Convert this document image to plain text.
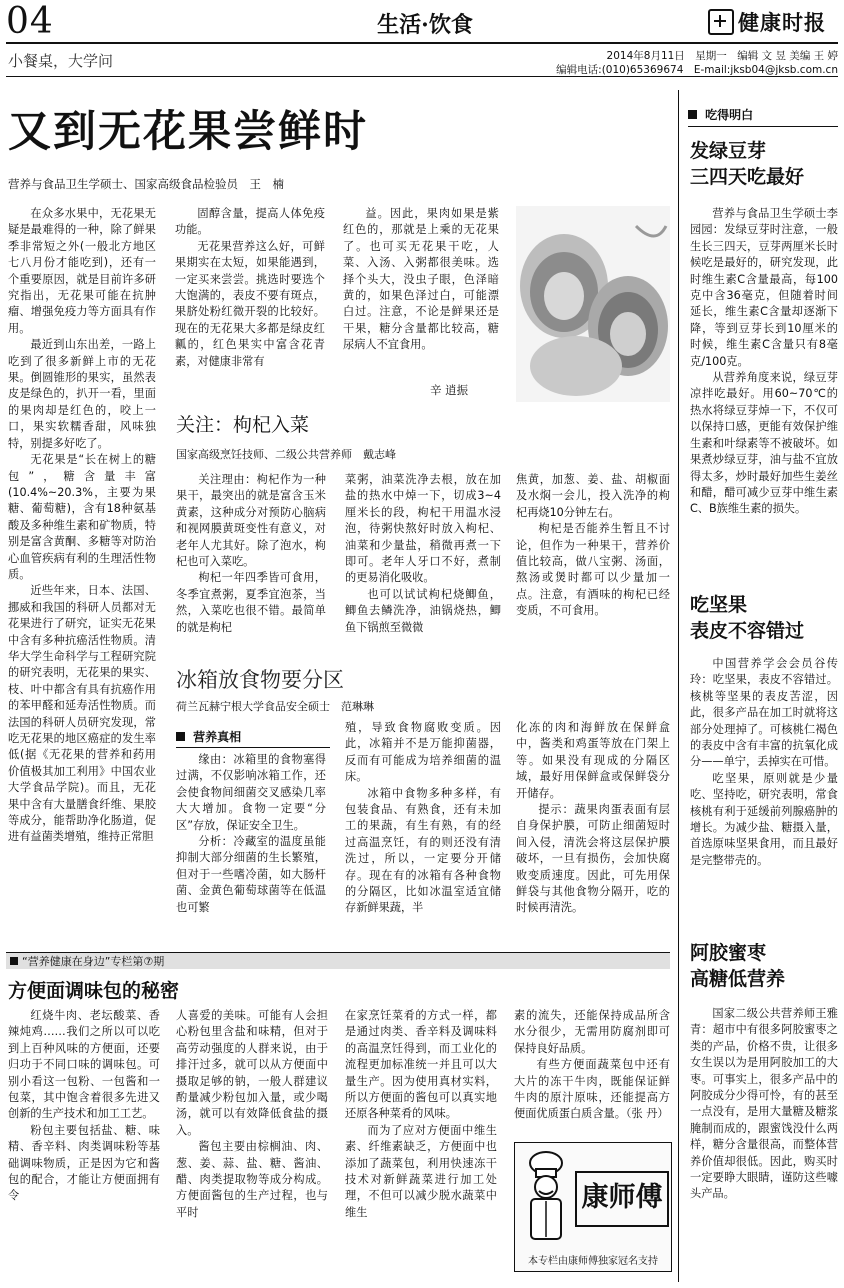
04	生活·饮食	健康时报
小餐桌，大学问	2014年8月11日　星期一　编辑 文 昱 美编 王 婷
编辑电话:(010)65369674　E-mail:jksb04@jksb.com.cn
又到无花果尝鲜时
营养与食品卫生学硕士、国家高级食品检验员　王　楠

在众多水果中，无花果无疑是最难得的一种，除了鲜果季非常短之外(一般北方地区七八月份才能吃到)，还有一个重要原因，就是目前许多研究指出，无花果可能在抗肿瘤、增强免疫力等方面具有作用。

最近到山东出差，一路上吃到了很多新鲜上市的无花果。倒圆锥形的果实，虽然表皮是绿色的，扒开一看，里面的果肉却是红色的，咬上一口，果实软糯香甜，风味独特，别提多好吃了。

无花果是“长在树上的糖包”，糖含量丰富(10.4%~20.3%，主要为果糖、葡萄糖)，含有18种氨基酸及多种维生素和矿物质，特别是富含黄酮、多糖等对防治心血管疾病有利的生理活性物质。

近些年来，日本、法国、挪威和我国的科研人员都对无花果进行了研究，证实无花果中含有多种抗癌活性物质。清华大学生命科学与工程研究院的研究表明，无花果的果实、枝、叶中都含有具有抗癌作用的苯甲醛和延寿活性物质。而法国的科研人员研究发现，常吃无花果的地区癌症的发生率低(据《无花果的营养和药用价值极其加工利用》中国农业大学食品学院)。而且，无花果中含有大量膳食纤维、果胶等成分，能帮助净化肠道，促进有益菌类增殖，维持正常胆

固醇含量，提高人体免疫功能。

无花果营养这么好，可鲜果期实在太短，如果能遇到，一定买来尝尝。挑选时要选个大饱满的，表皮不要有斑点，果脐处粉红微开裂的比较好。现在的无花果大多都是绿皮红瓤的，红色果实中富含花青素，对健康非常有

益。因此，果肉如果是紫红色的，那就是上乘的无花果了。也可买无花果干吃，人菜、入汤、入粥都很美味。选择个头大，没虫子眼，色泽暗黄的，如果色泽过白，可能漂白过。注意，不论是鲜果还是干果，糖分含量都比较高，糖尿病人不宜食用。

辛 逍振
关注：枸杞入菜
国家高级烹饪技师、二级公共营养师　戴志峰

关注理由：枸杞作为一种果干，最突出的就是富含玉米黄素，这种成分对预防心脑病和视网膜黄斑变性有意义，对老年人尤其好。除了泡水，枸杞也可入菜吃。

枸杞一年四季皆可食用，冬季宜煮粥，夏季宜泡茶，当然，入菜吃也很不错。最简单的就是枸杞

菜粥，油菜洗净去根，放在加盐的热水中焯一下，切成3~4厘米长的段，枸杞干用温水浸泡，待粥快熬好时放入枸杞、油菜和少量盐，稍微再煮一下即可。老年人牙口不好，煮制的更易消化吸收。

也可以试试枸杞烧鲫鱼，鲫鱼去鳞洗净，油锅烧热，鲫鱼下锅煎至微微

焦黄，加葱、姜、盐、胡椒面及水焖一会儿，投入洗净的枸杞再烧10分钟左右。

枸杞是否能养生暂且不讨论，但作为一种果干，营养价值比较高，做八宝粥、汤面，熬汤或煲时都可以少量加一点。注意，有酒味的枸杞已经变质，不可食用。

冰箱放食物要分区
荷兰瓦赫宁根大学食品安全硕士　范琳琳
营养真相

缘由：冰箱里的食物塞得过满，不仅影响冰箱工作，还会使食物间细菌交叉感染几率大大增加。食物一定要“分区”存放，保证安全卫生。

分析：冷藏室的温度虽能抑制大部分细菌的生长繁殖，但对于一些嗜冷菌，如大肠杆菌、金黄色葡萄球菌等在低温也可繁

殖，导致食物腐败变质。因此，冰箱并不是万能抑菌器，反而有可能成为培养细菌的温床。

冰箱中食物多种多样，有包装食品、有熟食，还有未加工的果蔬，有生有熟，有的经过高温烹饪，有的则还没有清洗过，所以，一定要分开储存。现在有的冰箱有各种食物的分隔区，比如冰温室适宜储存新鲜果蔬，半

化冻的肉和海鲜放在保鲜盒中，酱类和鸡蛋等放在门架上等。如果没有现成的分隔区域，最好用保鲜盒或保鲜袋分开储存。

提示：蔬果肉蛋表面有层自身保护膜，可防止细菌短时间入侵，清洗会将这层保护膜破坏，一旦有损伤，会加快腐败变质速度。因此，可先用保鲜袋与其他食物分隔开，吃的时候再清洗。

“营养健康在身边”专栏第⑦期
方便面调味包的秘密

红烧牛肉、老坛酸菜、香辣炖鸡……我们之所以可以吃到上百种风味的方便面，还要归功于不同口味的调味包。可别小看这一包粉、一包酱和一包菜，其中饱含着很多先进又创新的生产技术和加工工艺。

粉包主要包括盐、糖、味精、香辛料、肉类调味粉等基础调味物质，正是因为它和酱包的配合，才能让方便面拥有令

人喜爱的美味。可能有人会担心粉包里含盐和味精，但对于高劳动强度的人群来说，由于排汗过多，就可以从方便面中摄取足够的钠，一般人群建议酌量减少粉包加入量，或少喝汤，就可以有效降低食盐的摄入。

酱包主要由棕榈油、肉、葱、姜、蒜、盐、糖、酱油、醋、肉类提取物等成分构成。方便面酱包的生产过程，也与平时

在家烹饪菜肴的方式一样，都是通过肉类、香辛料及调味料的高温烹饪得到，而工业化的流程更加标准统一并且可以大量生产。因为使用真材实料，所以方便面的酱包可以真实地还原各种菜肴的风味。

而为了应对方便面中维生素、纤维素缺乏，方便面中也添加了蔬菜包，利用快速冻干技术对新鲜蔬菜进行加工处理，不但可以减少脱水蔬菜中维生

素的流失，还能保持成品所含水分很少，无需用防腐剂即可保持良好品质。

有些方便面蔬菜包中还有大片的冻干牛肉，既能保证鲜牛肉的原汁原味，还能提高方便面优质蛋白质含量。（张 丹）

康师傅
本专栏由康师傅独家冠名支持
吃得明白
发绿豆芽
三四天吃最好

营养与食品卫生学硕士李园园：发绿豆芽时注意，一般生长三四天，豆芽两厘米长时候吃是最好的，研究发现，此时维生素C含量最高，每100克中含36毫克，但随着时间延长，维生素C含量却逐渐下降，等到豆芽长到10厘米的时候，维生素C含量只有8毫克/100克。

从营养角度来说，绿豆芽凉拌吃最好。用60~70℃的热水将绿豆芽焯一下，不仅可以保持口感，更能有效保护维生素和叶绿素等不被破坏。如果煮炒绿豆芽，油与盐不宜放得太多，炒时最好加些生姜丝和醋，醋可减少豆芽中维生素C、B族维生素的损失。

吃坚果
表皮不容错过

中国营养学会会员谷传玲：吃坚果，表皮不容错过。核桃等坚果的表皮苦涩，因此，很多产品在加工时就将这部分处理掉了。可核桃仁褐色的表皮中含有丰富的抗氧化成分——单宁，丢掉实在可惜。

吃坚果，原则就是少量吃、坚持吃，研究表明，常食核桃有利于延缓前列腺癌肿的增长。为减少盐、糖摄入量，首选原味坚果食用，而且最好是完整带壳的。

阿胶蜜枣
高糖低营养

国家二级公共营养师王雅青：超市中有很多阿胶蜜枣之类的产品，价格不贵，让很多女生误以为是用阿胶加工的大枣。可事实上，很多产品中的阿胶成分少得可怜，有的甚至一点没有，是用大量糖及糖浆腌制而成的，跟蜜饯没什么两样，糖分含量很高，而整体营养价值却很低。因此，购买时一定要睁大眼睛，谨防这些噱头产品。
